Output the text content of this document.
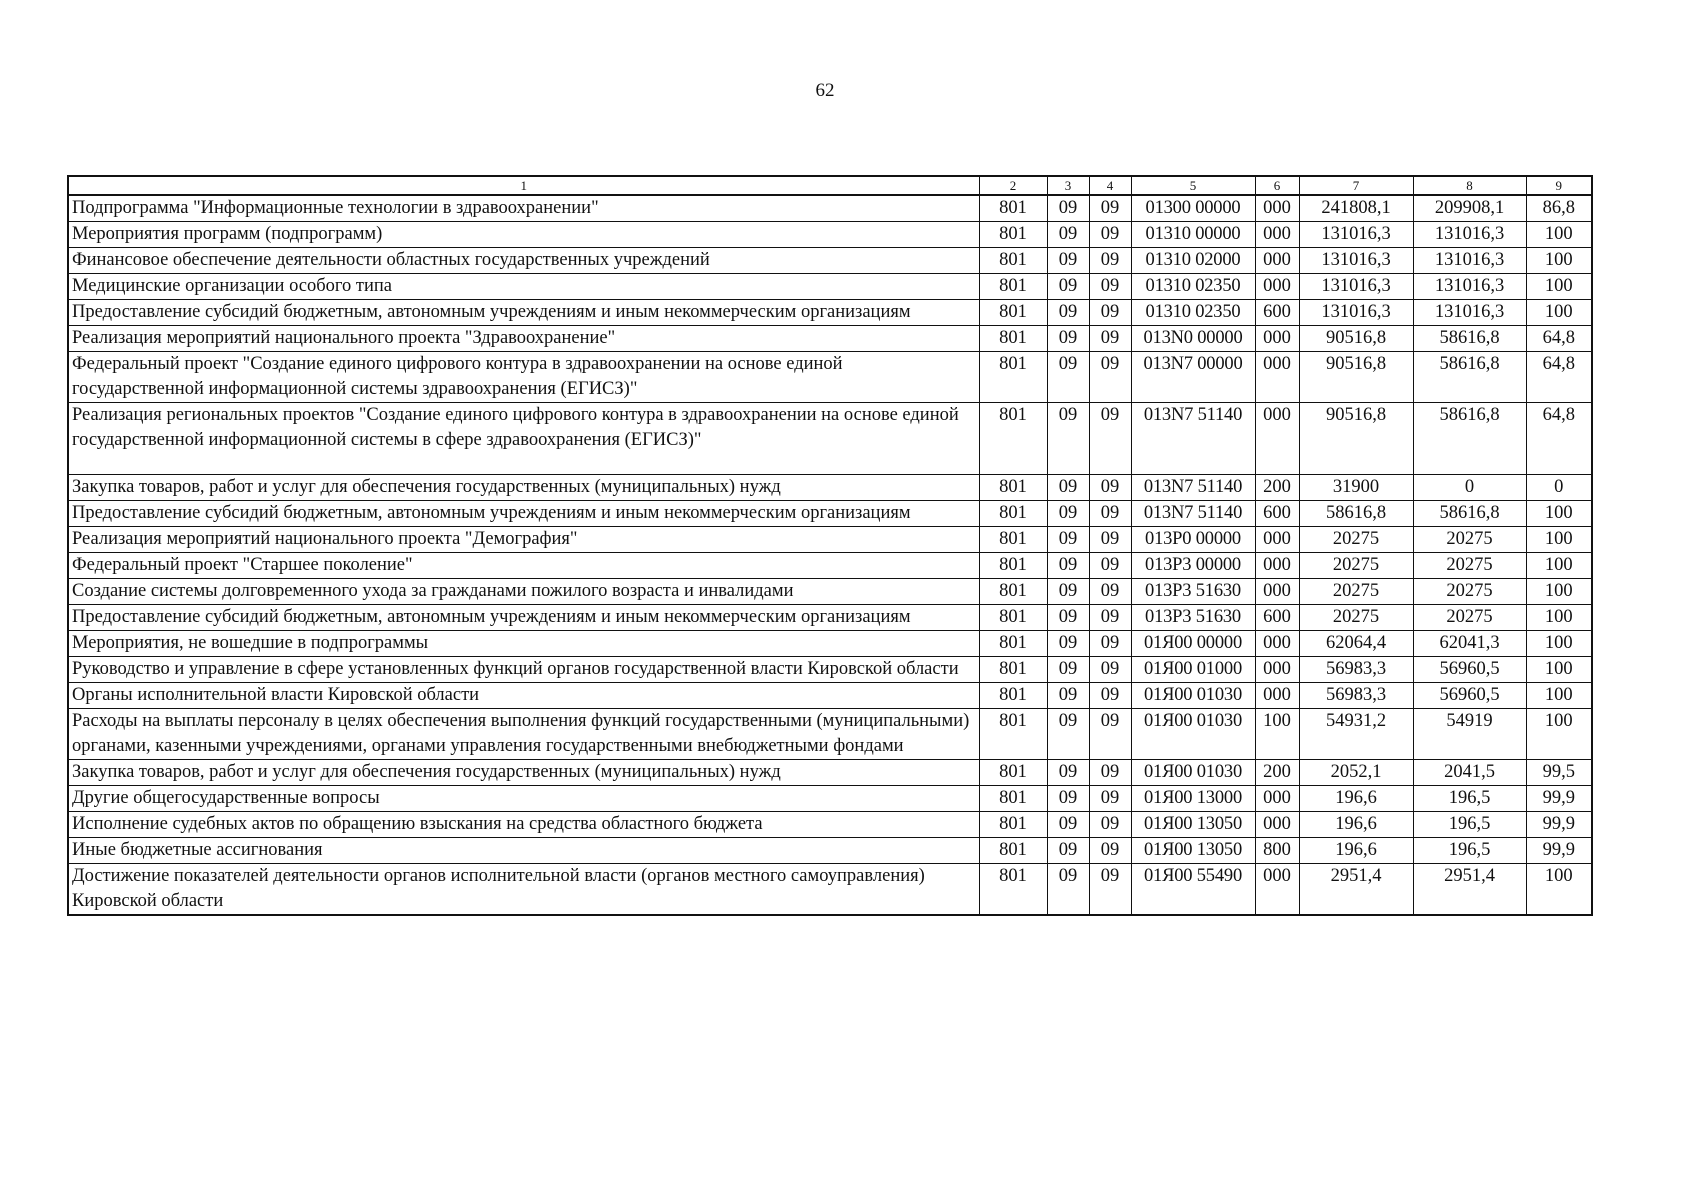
62
1	2	3	4	5	6	7	8	9
Подпрограмма "Информационные технологии в здравоохранении"	801	09	09	01300 00000	000	241808,1	209908,1	86,8
Мероприятия программ (подпрограмм)	801	09	09	01310 00000	000	131016,3	131016,3	100
Финансовое обеспечение деятельности областных государственных учреждений	801	09	09	01310 02000	000	131016,3	131016,3	100
Медицинские организации особого типа	801	09	09	01310 02350	000	131016,3	131016,3	100
Предоставление субсидий бюджетным, автономным учреждениям и иным некоммерческим организациям	801	09	09	01310 02350	600	131016,3	131016,3	100
Реализация мероприятий национального проекта "Здравоохранение"	801	09	09	013N0 00000	000	90516,8	58616,8	64,8
Федеральный проект "Создание единого цифрового контура в здравоохранении на основе единой государственной информационной системы здравоохранения (ЕГИСЗ)"	801	09	09	013N7 00000	000	90516,8	58616,8	64,8
Реализация региональных проектов "Создание единого цифрового контура в здравоохранении на основе единой государственной информационной системы в сфере здравоохранения (ЕГИСЗ)"	801	09	09	013N7 51140	000	90516,8	58616,8	64,8
Закупка товаров, работ и услуг для обеспечения государственных (муниципальных) нужд	801	09	09	013N7 51140	200	31900	0	0
Предоставление субсидий бюджетным, автономным учреждениям и иным некоммерческим организациям	801	09	09	013N7 51140	600	58616,8	58616,8	100
Реализация мероприятий национального проекта "Демография"	801	09	09	013P0 00000	000	20275	20275	100
Федеральный проект "Старшее поколение"	801	09	09	013P3 00000	000	20275	20275	100
Создание системы долговременного ухода за гражданами пожилого возраста и инвалидами	801	09	09	013P3 51630	000	20275	20275	100
Предоставление субсидий бюджетным, автономным учреждениям и иным некоммерческим организациям	801	09	09	013P3 51630	600	20275	20275	100
Мероприятия, не вошедшие в подпрограммы	801	09	09	01Я00 00000	000	62064,4	62041,3	100
Руководство и управление в сфере установленных функций органов государственной власти Кировской области	801	09	09	01Я00 01000	000	56983,3	56960,5	100
Органы исполнительной власти Кировской области	801	09	09	01Я00 01030	000	56983,3	56960,5	100
Расходы на выплаты персоналу в целях обеспечения выполнения функций государственными (муниципальными) органами, казенными учреждениями, органами управления государственными внебюджетными фондами	801	09	09	01Я00 01030	100	54931,2	54919	100
Закупка товаров, работ и услуг для обеспечения государственных (муниципальных) нужд	801	09	09	01Я00 01030	200	2052,1	2041,5	99,5
Другие общегосударственные вопросы	801	09	09	01Я00 13000	000	196,6	196,5	99,9
Исполнение судебных актов по обращению взыскания на средства областного бюджета	801	09	09	01Я00 13050	000	196,6	196,5	99,9
Иные бюджетные ассигнования	801	09	09	01Я00 13050	800	196,6	196,5	99,9
Достижение показателей деятельности органов исполнительной власти (органов местного самоуправления) Кировской области	801	09	09	01Я00 55490	000	2951,4	2951,4	100
